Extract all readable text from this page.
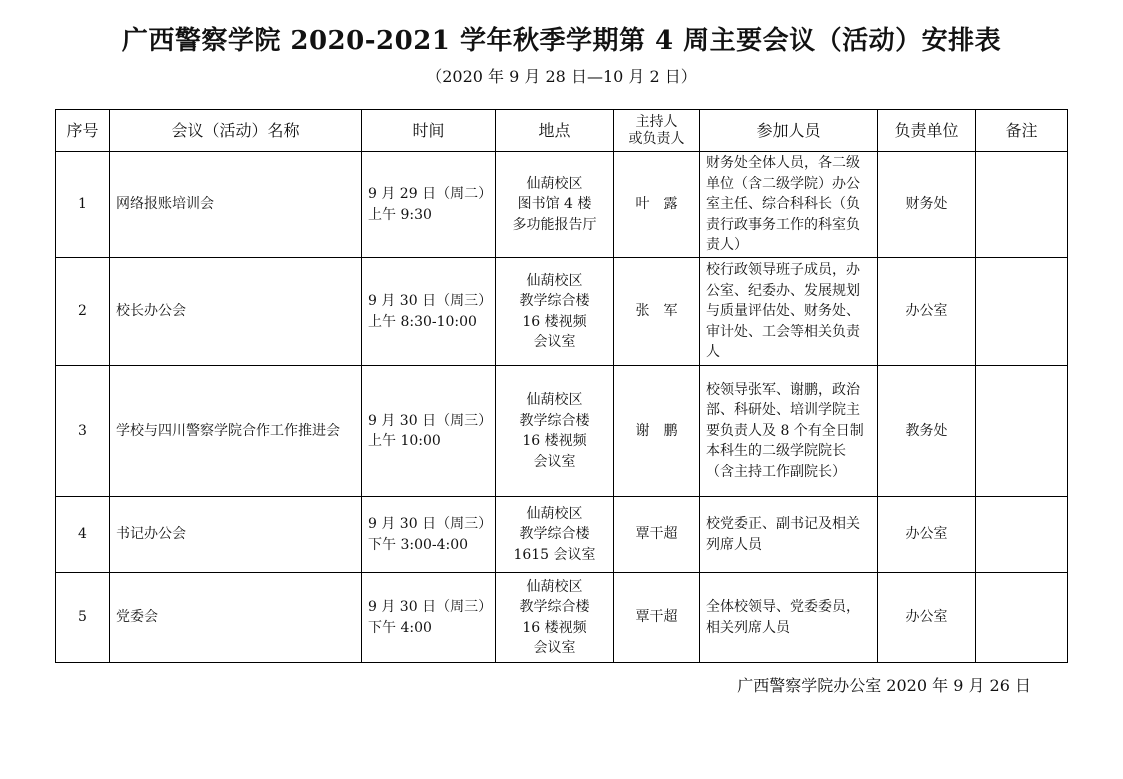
广西警察学院 2020-2021 学年秋季学期第 4 周主要会议（活动）安排表
（2020 年 9 月 28 日—10 月 2 日）
序号	会议（活动）名称	时间	地点	主持人
或负责人	参加人员	负责单位	备注
1	网络报账培训会	9 月 29 日（周二）
上午 9:30	仙葫校区
图书馆 4 楼
多功能报告厅	叶　露	财务处全体人员，各二级单位（含二级学院）办公室主任、综合科科长（负责行政事务工作的科室负责人）	财务处	
2	校长办公会	9 月 30 日（周三）
上午 8:30-10:00	仙葫校区
教学综合楼
16 楼视频
会议室	张　军	校行政领导班子成员，办公室、纪委办、发展规划与质量评估处、财务处、审计处、工会等相关负责人	办公室	
3	学校与四川警察学院合作工作推进会	9 月 30 日（周三）
上午 10:00	仙葫校区
教学综合楼
16 楼视频
会议室	谢　鹏	校领导张军、谢鹏，政治部、科研处、培训学院主要负责人及 8 个有全日制本科生的二级学院院长（含主持工作副院长）	教务处	
4	书记办公会	9 月 30 日（周三）
下午 3:00-4:00	仙葫校区
教学综合楼
1615 会议室	覃干超	校党委正、副书记及相关列席人员	办公室	
5	党委会	9 月 30 日（周三）
下午 4:00	仙葫校区
教学综合楼
16 楼视频
会议室	覃干超	全体校领导、党委委员，相关列席人员	办公室	
广西警察学院办公室 2020 年 9 月 26 日
